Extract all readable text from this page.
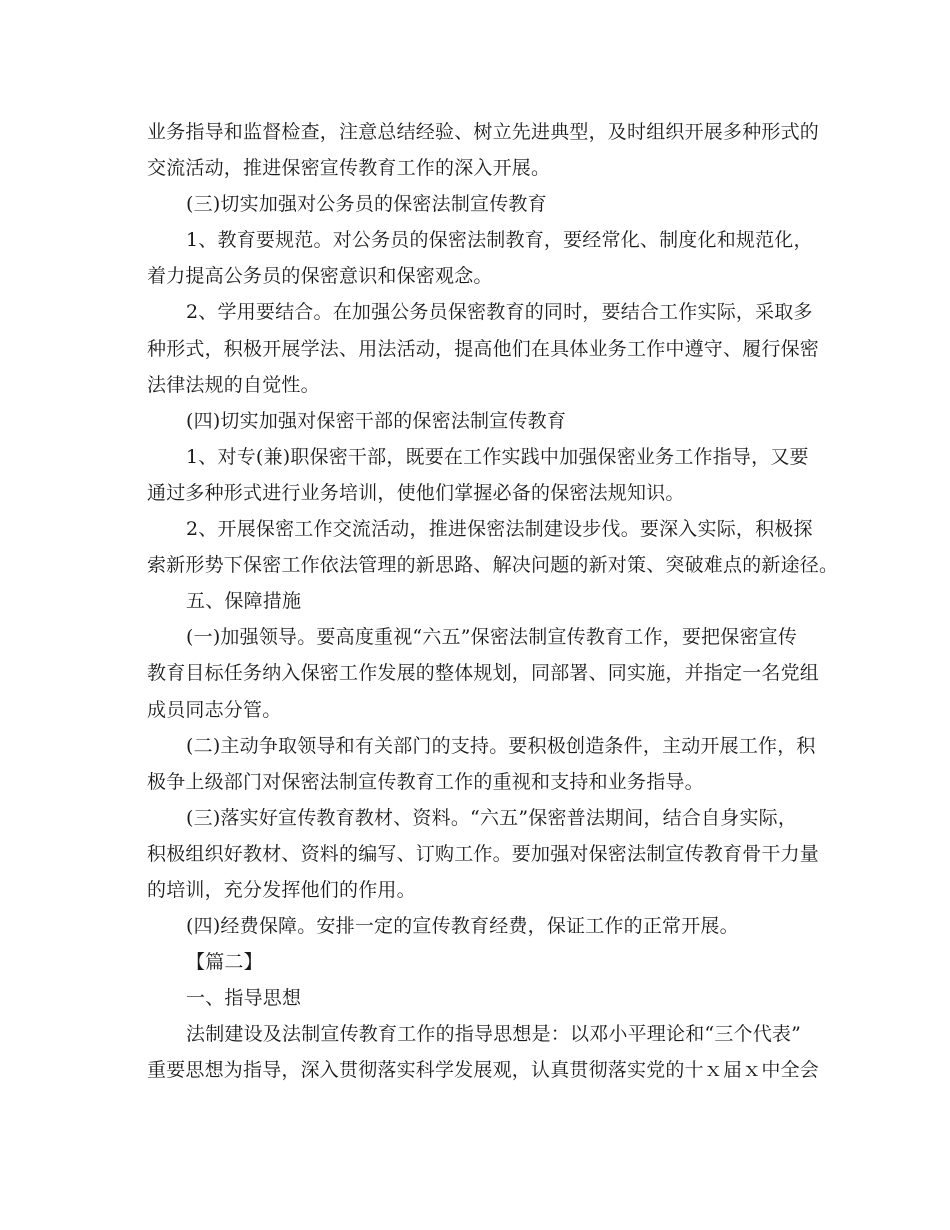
业务指导和监督检查，注意总结经验、树立先进典型，及时组织开展多种形式的
交流活动，推进保密宣传教育工作的深入开展。
(三)切实加强对公务员的保密法制宣传教育
1、教育要规范。对公务员的保密法制教育，要经常化、制度化和规范化，
着力提高公务员的保密意识和保密观念。
2、学用要结合。在加强公务员保密教育的同时，要结合工作实际，采取多
种形式，积极开展学法、用法活动，提高他们在具体业务工作中遵守、履行保密
法律法规的自觉性。
(四)切实加强对保密干部的保密法制宣传教育
1、对专(兼)职保密干部，既要在工作实践中加强保密业务工作指导，又要
通过多种形式进行业务培训，使他们掌握必备的保密法规知识。
2、开展保密工作交流活动，推进保密法制建设步伐。要深入实际，积极探
索新形势下保密工作依法管理的新思路、解决问题的新对策、突破难点的新途径。
五、保障措施
(一)加强领导。要高度重视“六五”保密法制宣传教育工作，要把保密宣传
教育目标任务纳入保密工作发展的整体规划，同部署、同实施，并指定一名党组
成员同志分管。
(二)主动争取领导和有关部门的支持。要积极创造条件，主动开展工作，积
极争上级部门对保密法制宣传教育工作的重视和支持和业务指导。
(三)落实好宣传教育教材、资料。“六五”保密普法期间，结合自身实际，
积极组织好教材、资料的编写、订购工作。要加强对保密法制宣传教育骨干力量
的培训，充分发挥他们的作用。
(四)经费保障。安排一定的宣传教育经费，保证工作的正常开展。
【篇二】
一、指导思想
法制建设及法制宣传教育工作的指导思想是：以邓小平理论和“三个代表”
重要思想为指导，深入贯彻落实科学发展观，认真贯彻落实党的十ｘ届ｘ中全会
